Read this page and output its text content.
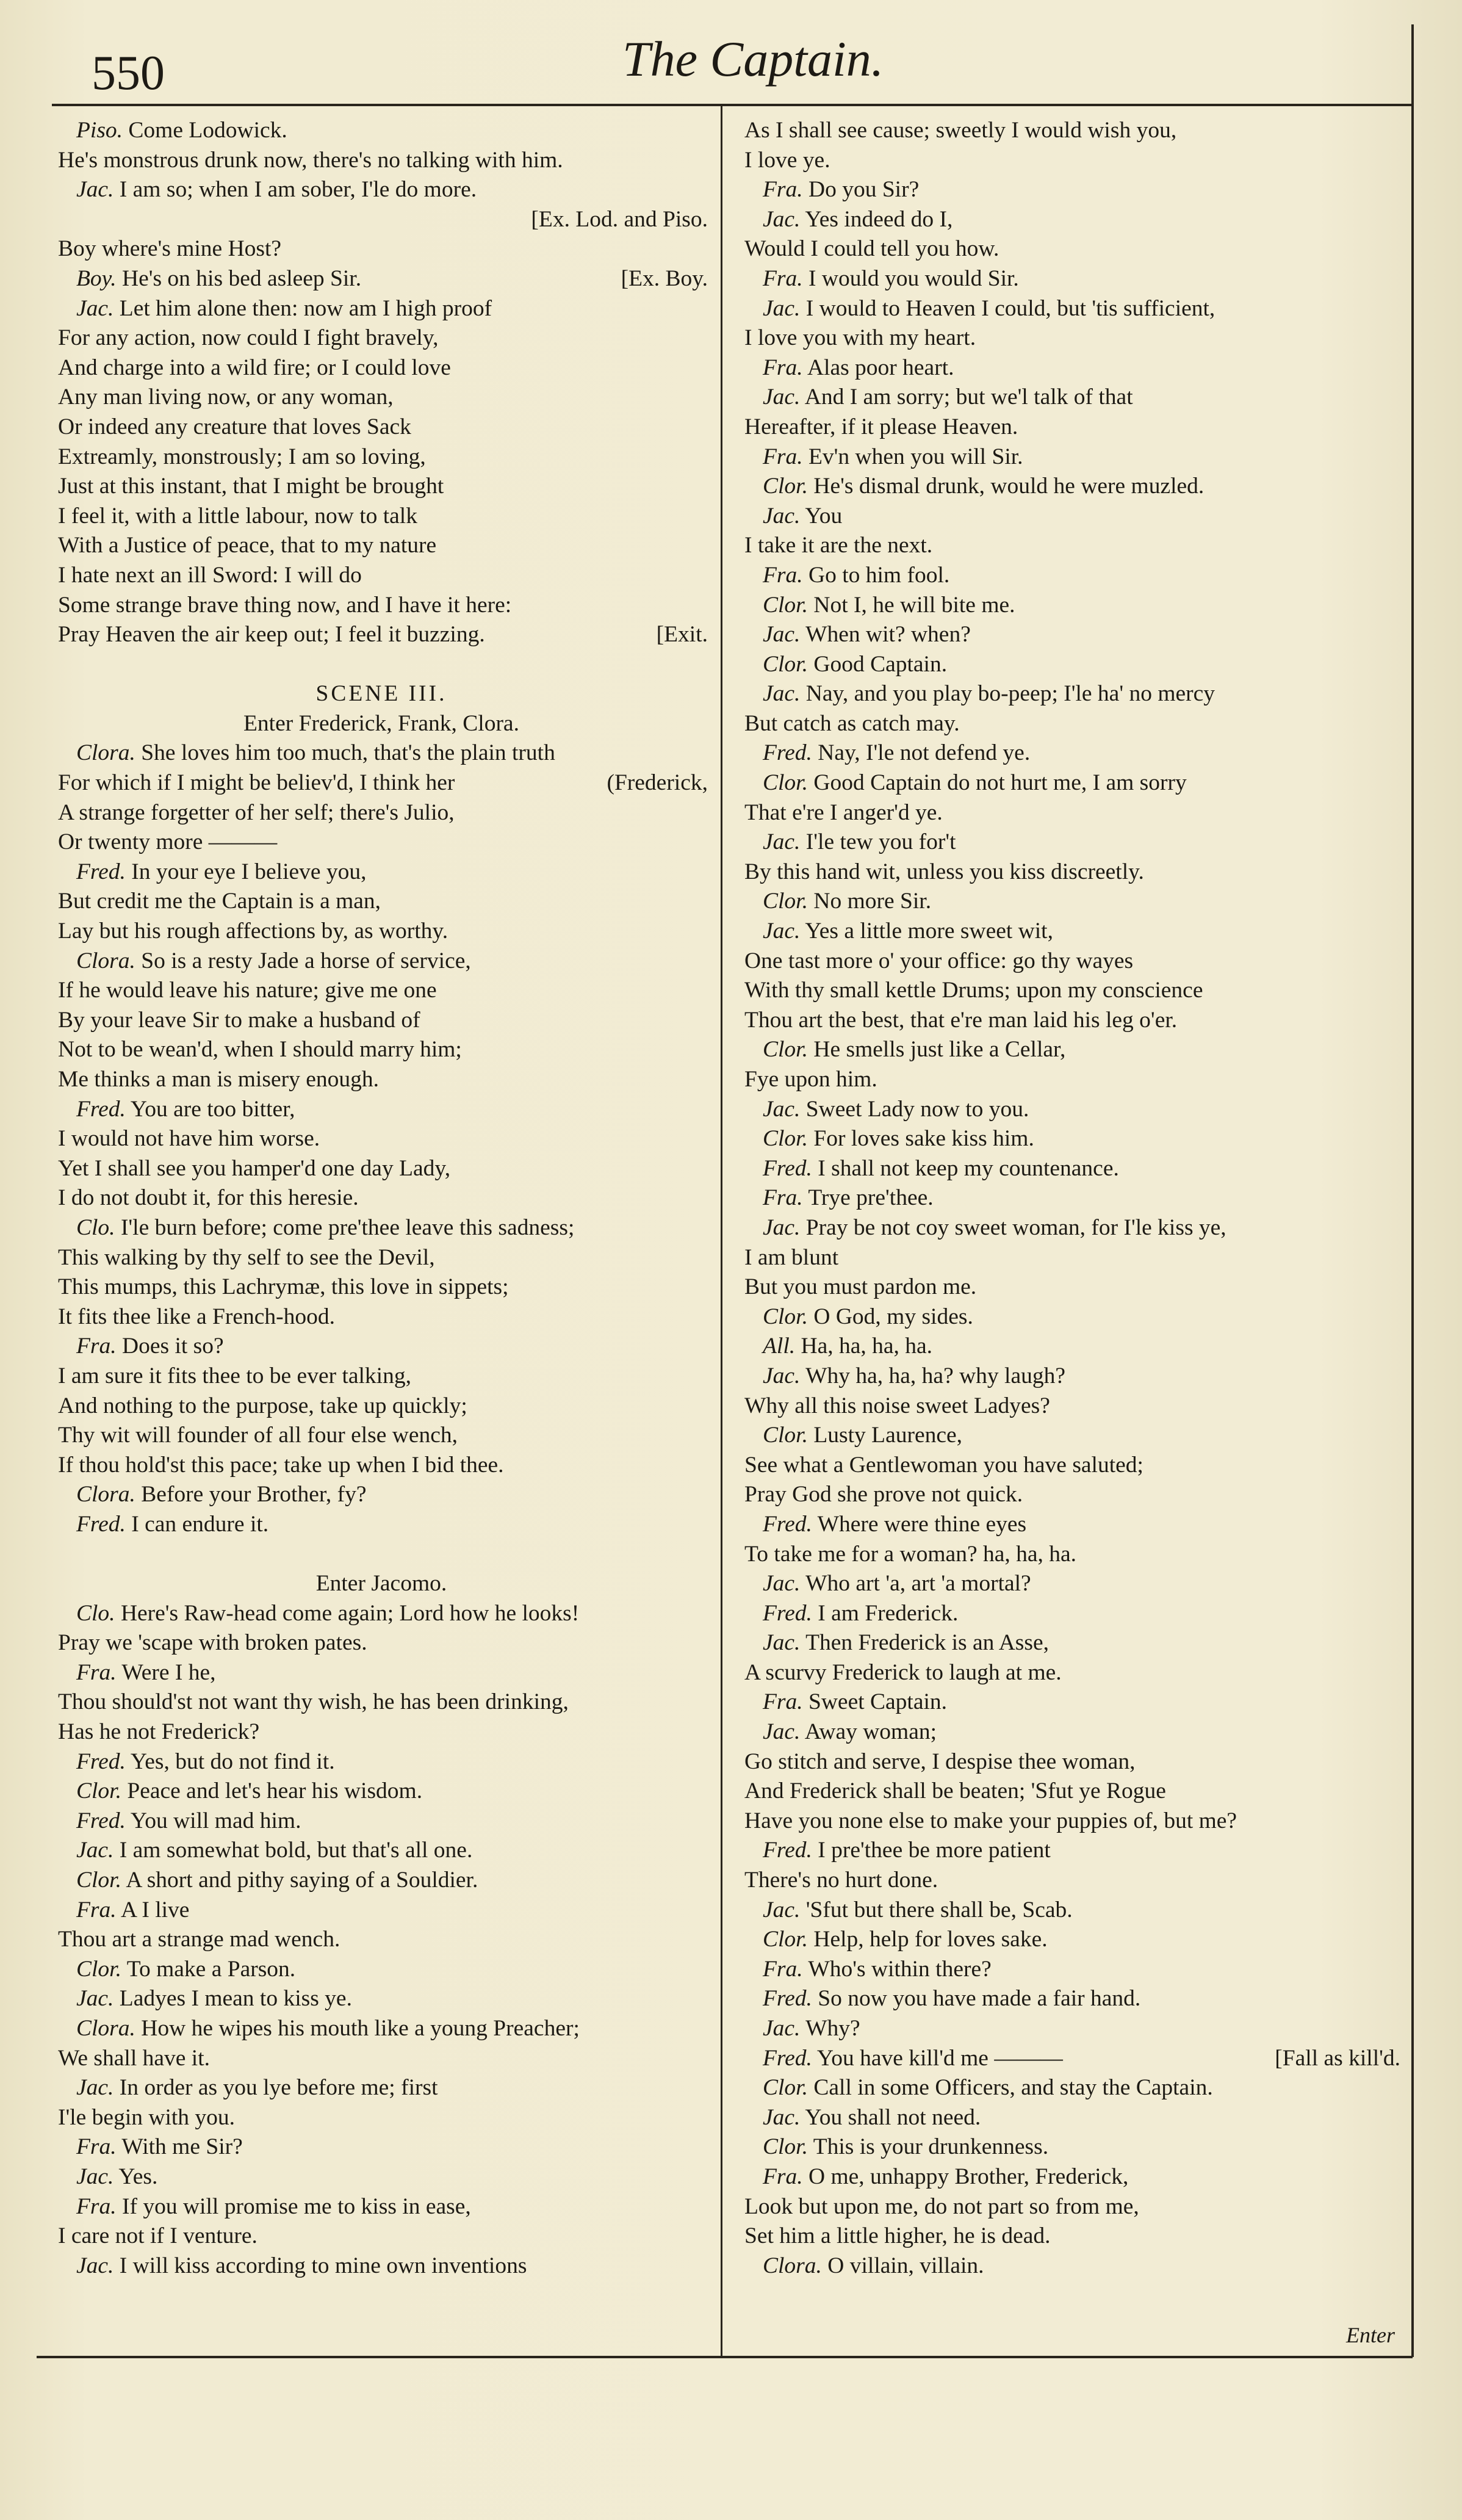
550	The Captain.
Piso. Come Lodowick.
He's monstrous drunk now, there's no talking with him.
Jac. I am so; when I am sober, I'le do more.
[Ex. Lod. and Piso.
Boy where's mine Host?
Boy. He's on his bed asleep Sir.	[Ex. Boy.
Jac. Let him alone then: now am I high proof
For any action, now could I fight bravely,
And charge into a wild fire; or I could love
Any man living now, or any woman,
Or indeed any creature that loves Sack
Extreamly, monstrously; I am so loving,
Just at this instant, that I might be brought
I feel it, with a little labour, now to talk
With a Justice of peace, that to my nature
I hate next an ill Sword: I will do
Some strange brave thing now, and I have it here:
Pray Heaven the air keep out; I feel it buzzing.	[Exit.
SCENE III.
Enter Frederick, Frank, Clora.
Clora. She loves him too much, that's the plain truth
For which if I might be believ'd, I think her	(Frederick,
A strange forgetter of her self; there's Julio,
Or twenty more ———
Fred. In your eye I believe you,
But credit me the Captain is a man,
Lay but his rough affections by, as worthy.
Clora. So is a resty Jade a horse of service,
If he would leave his nature; give me one
By your leave Sir to make a husband of
Not to be wean'd, when I should marry him;
Me thinks a man is misery enough.
Fred. You are too bitter,
I would not have him worse.
Yet I shall see you hamper'd one day Lady,
I do not doubt it, for this heresie.
Clo. I'le burn before; come pre'thee leave this sadness;
This walking by thy self to see the Devil,
This mumps, this Lachrymæ, this love in sippets;
It fits thee like a French-hood.
Fra. Does it so?
I am sure it fits thee to be ever talking,
And nothing to the purpose, take up quickly;
Thy wit will founder of all four else wench,
If thou hold'st this pace; take up when I bid thee.
Clora. Before your Brother, fy?
Fred. I can endure it.
Enter Jacomo.
Clo. Here's Raw-head come again; Lord how he looks!
Pray we 'scape with broken pates.
Fra. Were I he,
Thou should'st not want thy wish, he has been drinking,
Has he not Frederick?
Fred. Yes, but do not find it.
Clor. Peace and let's hear his wisdom.
Fred. You will mad him.
Jac. I am somewhat bold, but that's all one.
Clor. A short and pithy saying of a Souldier.
Fra. A I live
Thou art a strange mad wench.
Clor. To make a Parson.
Jac. Ladyes I mean to kiss ye.
Clora. How he wipes his mouth like a young Preacher;
We shall have it.
Jac. In order as you lye before me; first
I'le begin with you.
Fra. With me Sir?
Jac. Yes.
Fra. If you will promise me to kiss in ease,
I care not if I venture.
Jac. I will kiss according to mine own inventions
As I shall see cause; sweetly I would wish you,
I love ye.
Fra. Do you Sir?
Jac. Yes indeed do I,
Would I could tell you how.
Fra. I would you would Sir.
Jac. I would to Heaven I could, but 'tis sufficient,
I love you with my heart.
Fra. Alas poor heart.
Jac. And I am sorry; but we'l talk of that
Hereafter, if it please Heaven.
Fra. Ev'n when you will Sir.
Clor. He's dismal drunk, would he were muzled.
Jac. You
I take it are the next.
Fra. Go to him fool.
Clor. Not I, he will bite me.
Jac. When wit? when?
Clor. Good Captain.
Jac. Nay, and you play bo-peep; I'le ha' no mercy
But catch as catch may.
Fred. Nay, I'le not defend ye.
Clor. Good Captain do not hurt me, I am sorry
That e're I anger'd ye.
Jac. I'le tew you for't
By this hand wit, unless you kiss discreetly.
Clor. No more Sir.
Jac. Yes a little more sweet wit,
One tast more o' your office: go thy wayes
With thy small kettle Drums; upon my conscience
Thou art the best, that e're man laid his leg o'er.
Clor. He smells just like a Cellar,
Fye upon him.
Jac. Sweet Lady now to you.
Clor. For loves sake kiss him.
Fred. I shall not keep my countenance.
Fra. Trye pre'thee.
Jac. Pray be not coy sweet woman, for I'le kiss ye,
I am blunt
But you must pardon me.
Clor. O God, my sides.
All. Ha, ha, ha, ha.
Jac. Why ha, ha, ha? why laugh?
Why all this noise sweet Ladyes?
Clor. Lusty Laurence,
See what a Gentlewoman you have saluted;
Pray God she prove not quick.
Fred. Where were thine eyes
To take me for a woman? ha, ha, ha.
Jac. Who art 'a, art 'a mortal?
Fred. I am Frederick.
Jac. Then Frederick is an Asse,
A scurvy Frederick to laugh at me.
Fra. Sweet Captain.
Jac. Away woman;
Go stitch and serve, I despise thee woman,
And Frederick shall be beaten; 'Sfut ye Rogue
Have you none else to make your puppies of, but me?
Fred. I pre'thee be more patient
There's no hurt done.
Jac. 'Sfut but there shall be, Scab.
Clor. Help, help for loves sake.
Fra. Who's within there?
Fred. So now you have made a fair hand.
Jac. Why?
Fred. You have kill'd me ———	[Fall as kill'd.
Clor. Call in some Officers, and stay the Captain.
Jac. You shall not need.
Clor. This is your drunkenness.
Fra. O me, unhappy Brother, Frederick,
Look but upon me, do not part so from me,
Set him a little higher, he is dead.
Clora. O villain, villain.
Enter
